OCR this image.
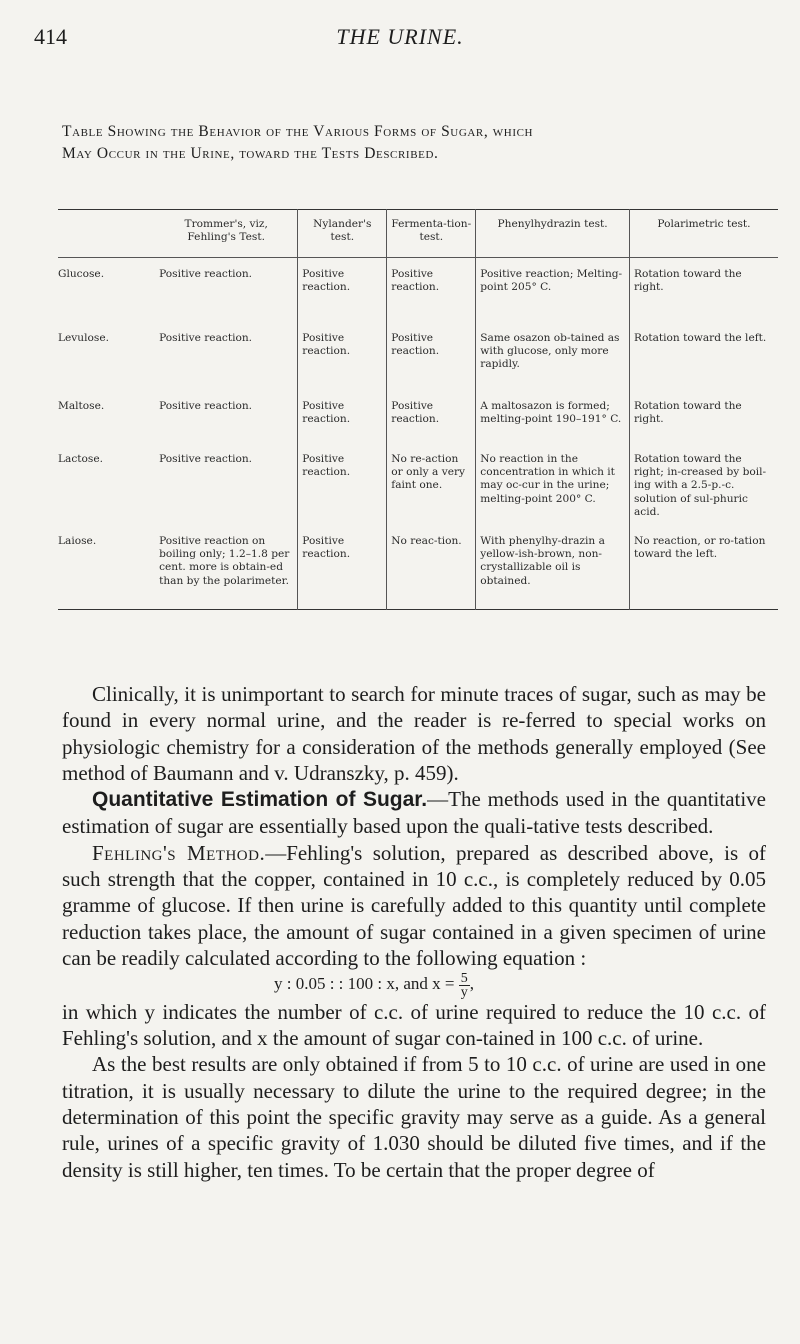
414	THE URINE.
Table Showing the Behavior of the Various Forms of Sugar, which
May Occur in the Urine, toward the Tests Described.
	Trommer's, viz, Fehling's Test.	Nylander's test.	Fermenta-tion-test.	Phenylhydrazin test.	Polarimetric test.
Glucose.	Positive reaction.	Positive reaction.	Positive reaction.	Positive reaction; Melting-point 205° C.	Rotation toward the right.
Levulose.	Positive reaction.	Positive reaction.	Positive reaction.	Same osazon ob-tained as with glucose, only more rapidly.	Rotation toward the left.
Maltose.	Positive reaction.	Positive reaction.	Positive reaction.	A maltosazon is formed; melting-point 190–191° C.	Rotation toward the right.
Lactose.	Positive reaction.	Positive reaction.	No re-action or only a very faint one.	No reaction in the concentration in which it may oc-cur in the urine; melting-point 200° C.	Rotation toward the right; in-creased by boil-ing with a 2.5-p.-c. solution of sul-phuric acid.
Laiose.	Positive reaction on boiling only; 1.2–1.8 per cent. more is obtain-ed than by the polarimeter.	Positive reaction.	No reac-tion.	With phenylhy-drazin a yellow-ish-brown, non-crystallizable oil is obtained.	No reaction, or ro-tation toward the left.

Clinically, it is unimportant to search for minute traces of sugar, such as may be found in every normal urine, and the reader is re-ferred to special works on physiologic chemistry for a consideration of the methods generally employed (See method of Baumann and v. Udranszky, p. 459).

Quantitative Estimation of Sugar.—The methods used in the quantitative estimation of sugar are essentially based upon the quali-tative tests described.

Fehling's Method.—Fehling's solution, prepared as described above, is of such strength that the copper, contained in 10 c.c., is completely reduced by 0.05 gramme of glucose. If then urine is carefully added to this quantity until complete reduction takes place, the amount of sugar contained in a given specimen of urine can be readily calculated according to the following equation :

y : 0.05 : : 100 : x, and $x = \frac{5}{y}$ ,

in which y indicates the number of c.c. of urine required to reduce the 10 c.c. of Fehling's solution, and x the amount of sugar con-tained in 100 c.c. of urine.

As the best results are only obtained if from 5 to 10 c.c. of urine are used in one titration, it is usually necessary to dilute the urine to the required degree; in the determination of this point the specific gravity may serve as a guide. As a general rule, urines of a specific gravity of 1.030 should be diluted five times, and if the density is still higher, ten times. To be certain that the proper degree of
